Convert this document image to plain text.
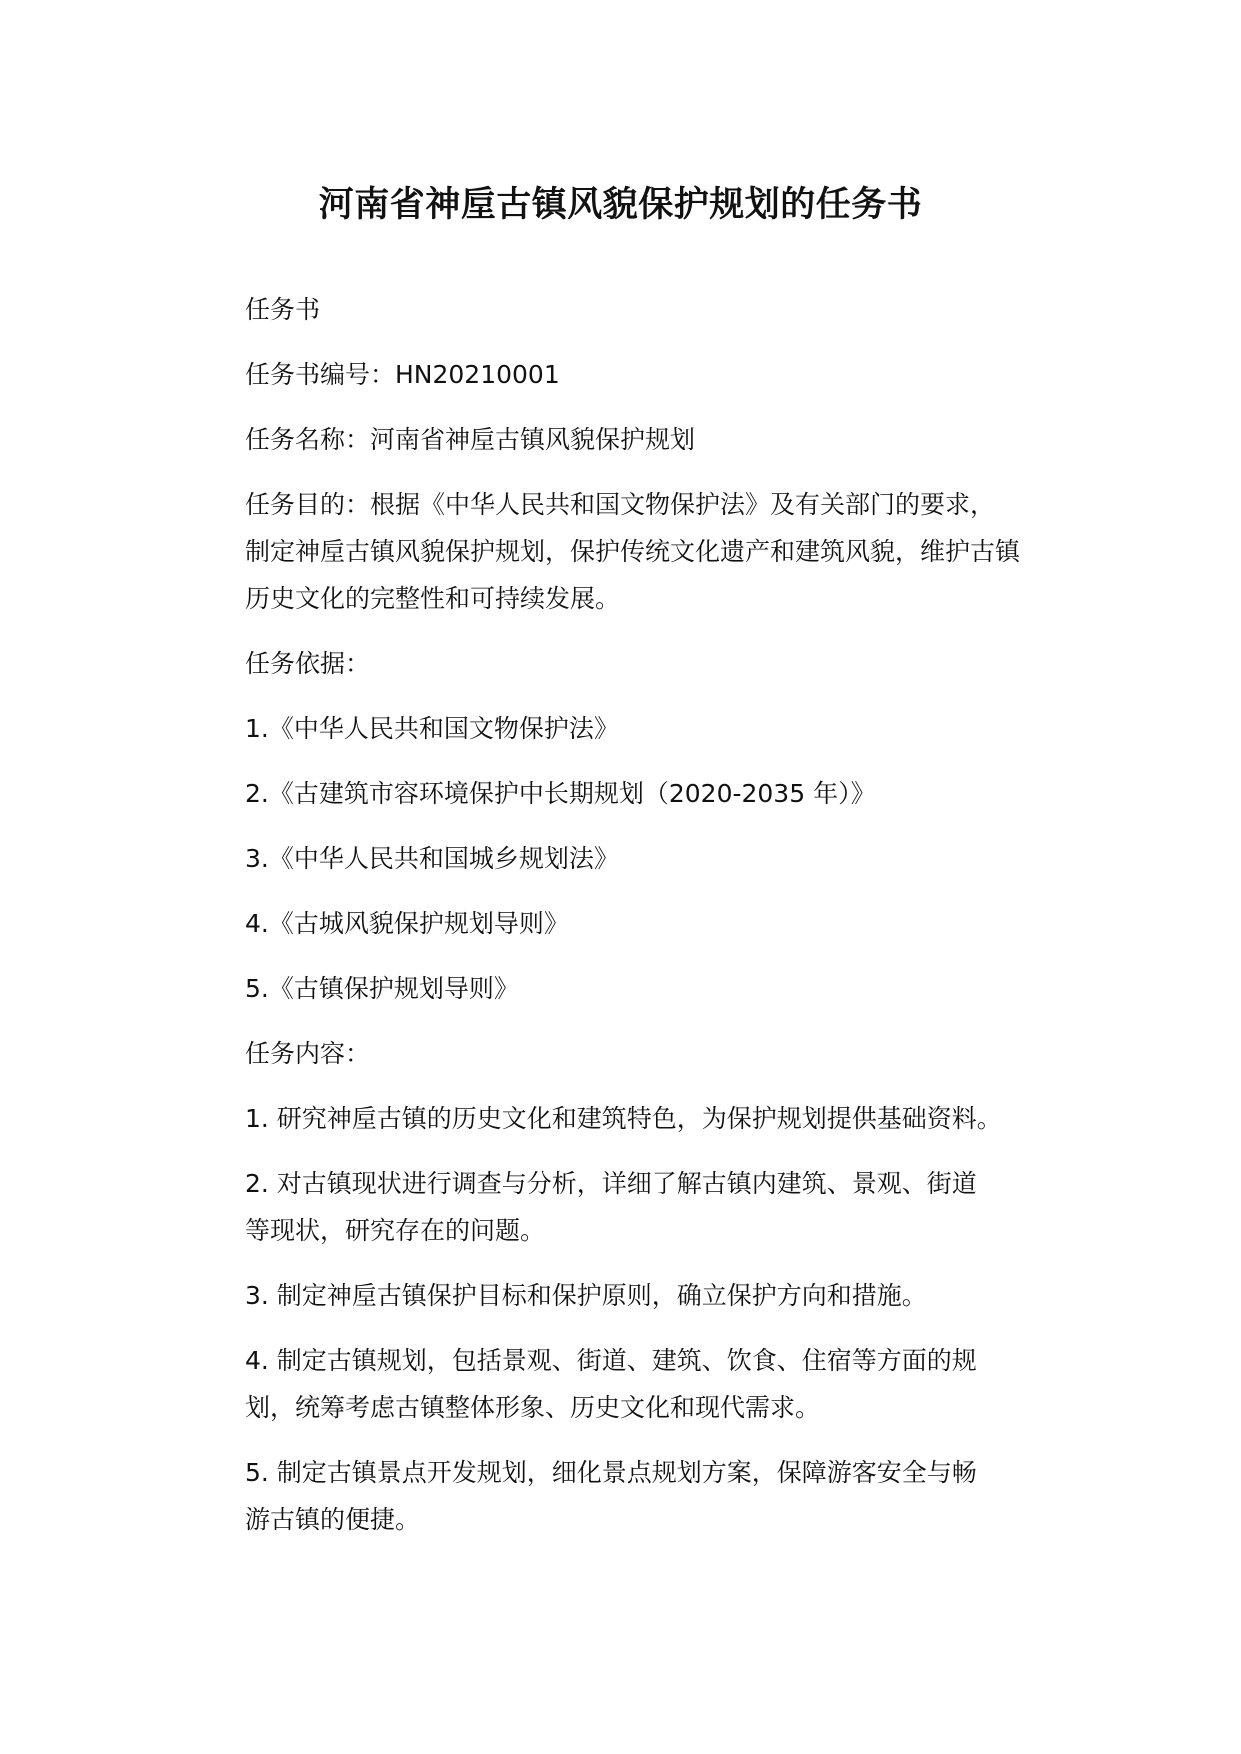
河南省神垕古镇风貌保护规划的任务书

任务书

任务书编号：HN20210001

任务名称：河南省神垕古镇风貌保护规划

任务目的：根据《中华人民共和国文物保护法》及有关部门的要求，
制定神垕古镇风貌保护规划，保护传统文化遗产和建筑风貌，维护古镇
历史文化的完整性和可持续发展。

任务依据：

1.《中华人民共和国文物保护法》

2.《古建筑市容环境保护中长期规划（2020-2035 年）》

3.《中华人民共和国城乡规划法》

4.《古城风貌保护规划导则》

5.《古镇保护规划导则》

任务内容：

1. 研究神垕古镇的历史文化和建筑特色，为保护规划提供基础资料。

2. 对古镇现状进行调查与分析，详细了解古镇内建筑、景观、街道
等现状，研究存在的问题。

3. 制定神垕古镇保护目标和保护原则，确立保护方向和措施。

4. 制定古镇规划，包括景观、街道、建筑、饮食、住宿等方面的规
划，统筹考虑古镇整体形象、历史文化和现代需求。

5. 制定古镇景点开发规划，细化景点规划方案，保障游客安全与畅
游古镇的便捷。
